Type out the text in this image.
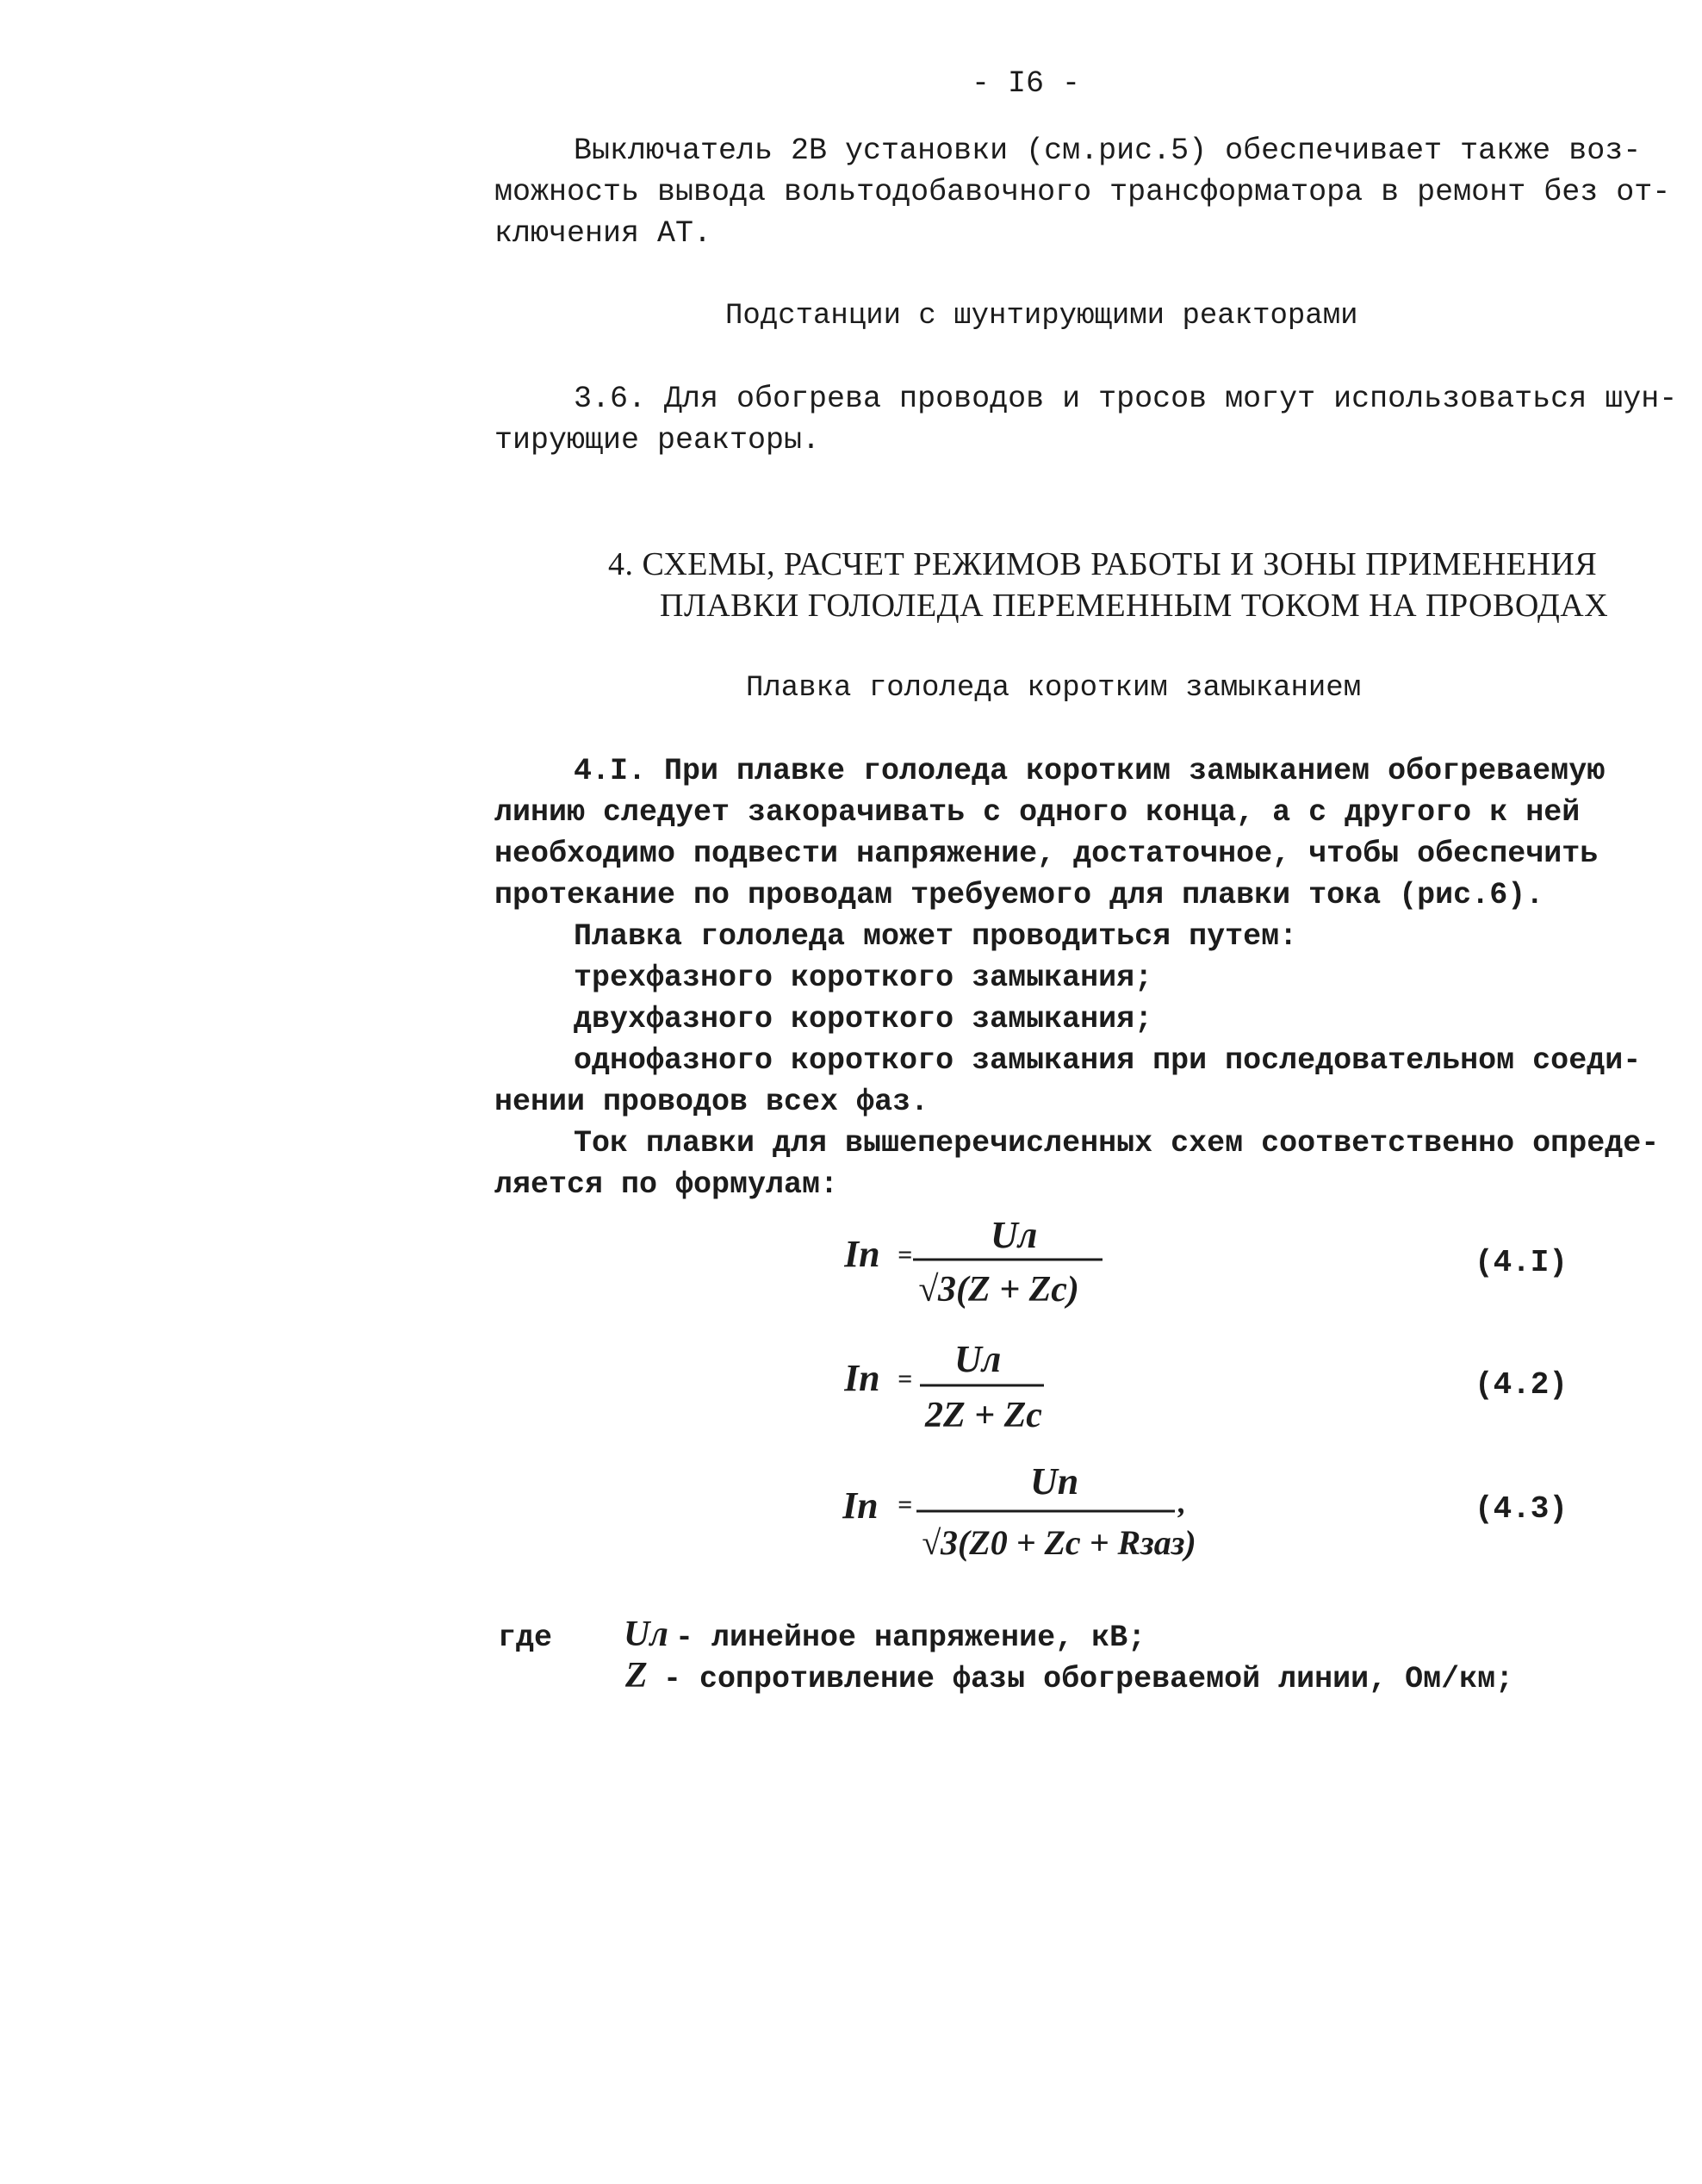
- I6 -
Выключатель 2В установки (см.рис.5) обеспечивает также воз-
можность вывода вольтодобавочного трансформатора в ремонт без от-
ключения АТ.
Подстанции с шунтирующими реакторами
3.6. Для обогрева проводов и тросов могут использоваться шун-
тирующие реакторы.
4. СХЕМЫ, РАСЧЕТ РЕЖИМОВ РАБОТЫ И ЗОНЫ ПРИМЕНЕНИЯ
ПЛАВКИ ГОЛОЛЕДА ПЕРЕМЕННЫМ ТОКОМ НА ПРОВОДАХ
Плавка гололеда коротким замыканием
4.I. При плавке гололеда коротким замыканием обогреваемую
линию следует закорачивать с одного конца, а с другого к ней
необходимо подвести напряжение, достаточное, чтобы обеспечить
протекание по проводам требуемого для плавки тока (рис.6).
Плавка гололеда может проводиться путем:
трехфазного короткого замыкания;
двухфазного короткого замыкания;
однофазного короткого замыкания при последовательном соеди-
нении проводов всех фаз.
Ток плавки для вышеперечисленных схем соответственно опреде-
ляется по формулам:
Iп = Uл
√3(Z + Zc)
(4.I)
Iп = Uл
2Z + Zc
(4.2)
Iп =
Uп	,
√3(Z0 + Zc + Rзаз)
(4.3)
где Uл - линейное напряжение, кВ;
Z - сопротивление фазы обогреваемой линии, Ом/км;
